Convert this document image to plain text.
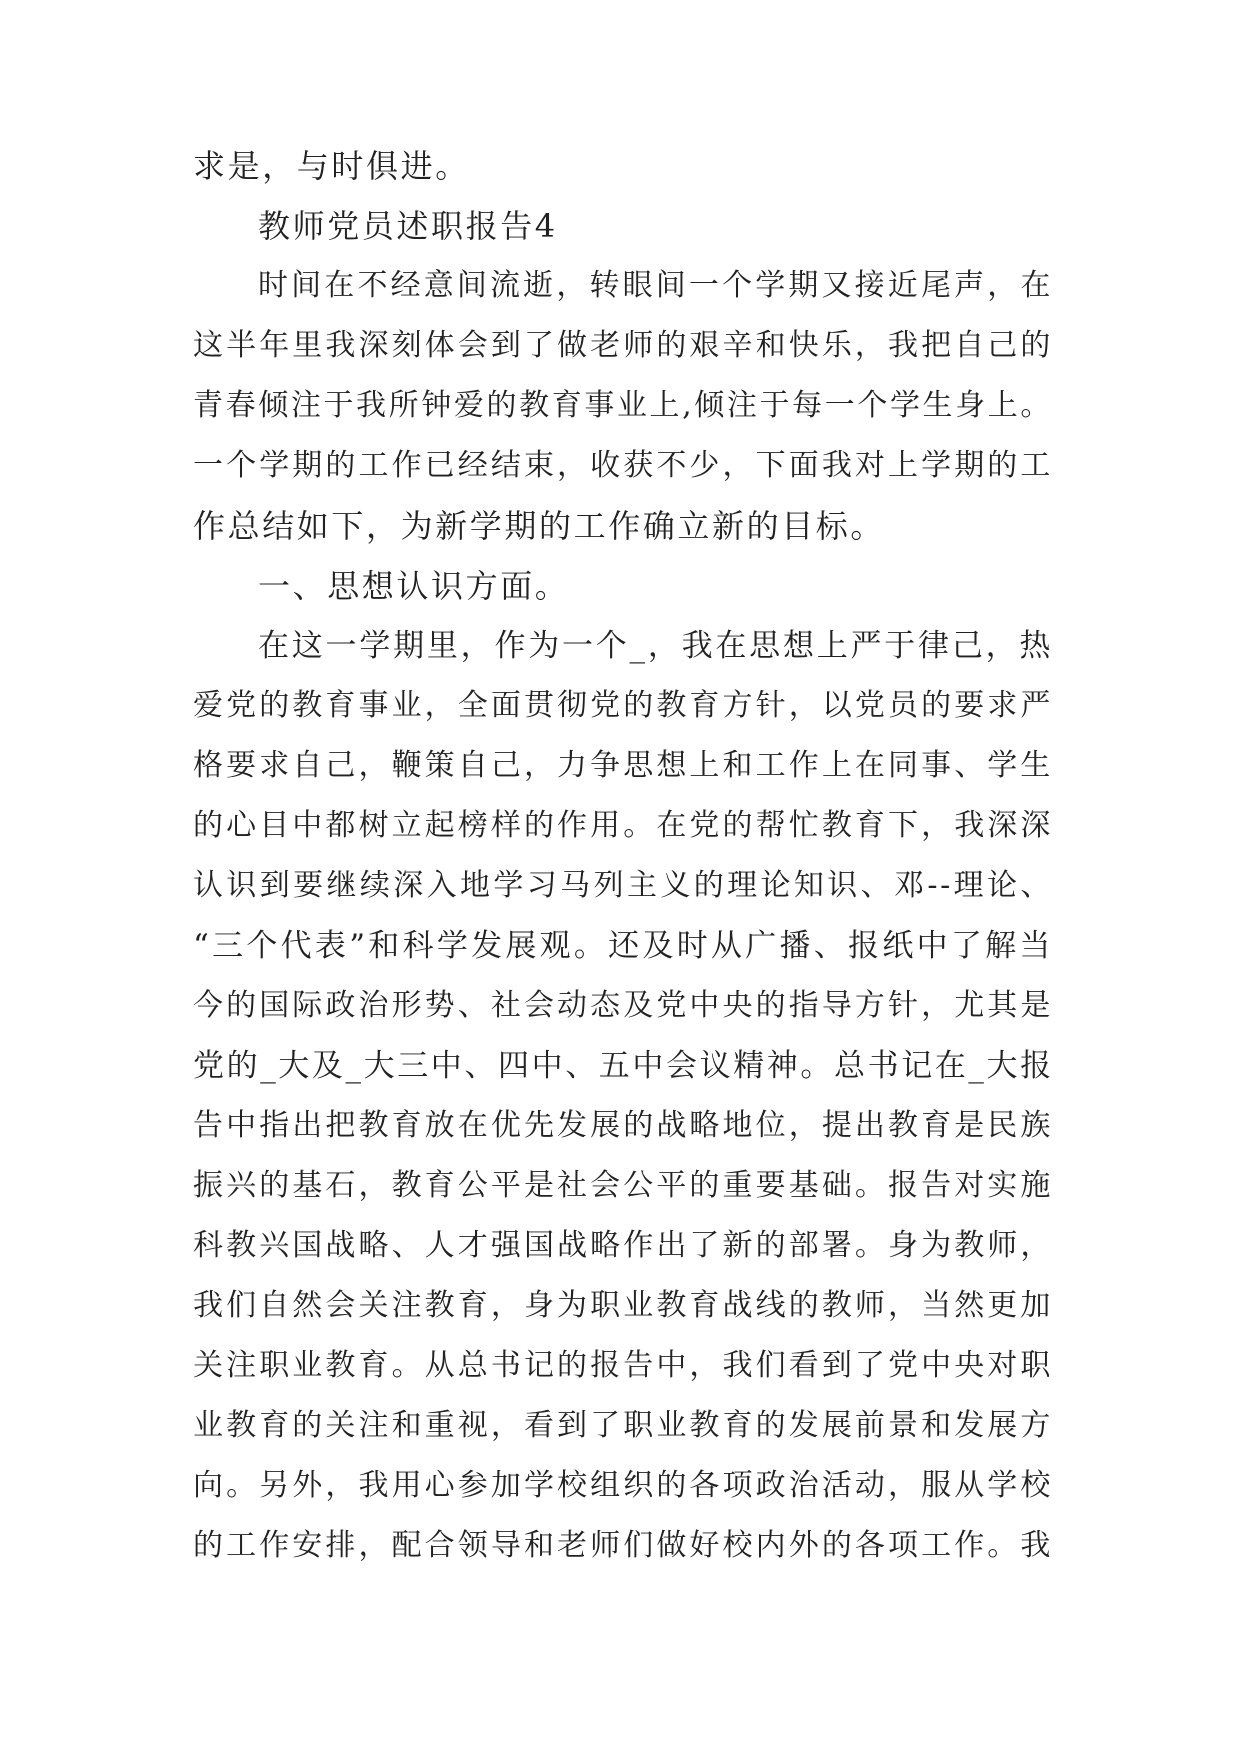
求是，与时俱进。
教师党员述职报告4
时间在不经意间流逝，转眼间一个学期又接近尾声，在
这半年里我深刻体会到了做老师的艰辛和快乐，我把自己的
青春倾注于我所钟爱的教育事业上,倾注于每一个学生身上。
一个学期的工作已经结束，收获不少，下面我对上学期的工
作总结如下，为新学期的工作确立新的目标。
一、思想认识方面。
在这一学期里，作为一个_，我在思想上严于律己，热
爱党的教育事业，全面贯彻党的教育方针，以党员的要求严
格要求自己，鞭策自己，力争思想上和工作上在同事、学生
的心目中都树立起榜样的作用。在党的帮忙教育下，我深深
认识到要继续深入地学习马列主义的理论知识、邓--理论、
“三个代表”和科学发展观。还及时从广播、报纸中了解当
今的国际政治形势、社会动态及党中央的指导方针，尤其是
党的_大及_大三中、四中、五中会议精神。总书记在_大报
告中指出把教育放在优先发展的战略地位，提出教育是民族
振兴的基石，教育公平是社会公平的重要基础。报告对实施
科教兴国战略、人才强国战略作出了新的部署。身为教师，
我们自然会关注教育，身为职业教育战线的教师，当然更加
关注职业教育。从总书记的报告中，我们看到了党中央对职
业教育的关注和重视，看到了职业教育的发展前景和发展方
向。另外，我用心参加学校组织的各项政治活动，服从学校
的工作安排，配合领导和老师们做好校内外的各项工作。我
